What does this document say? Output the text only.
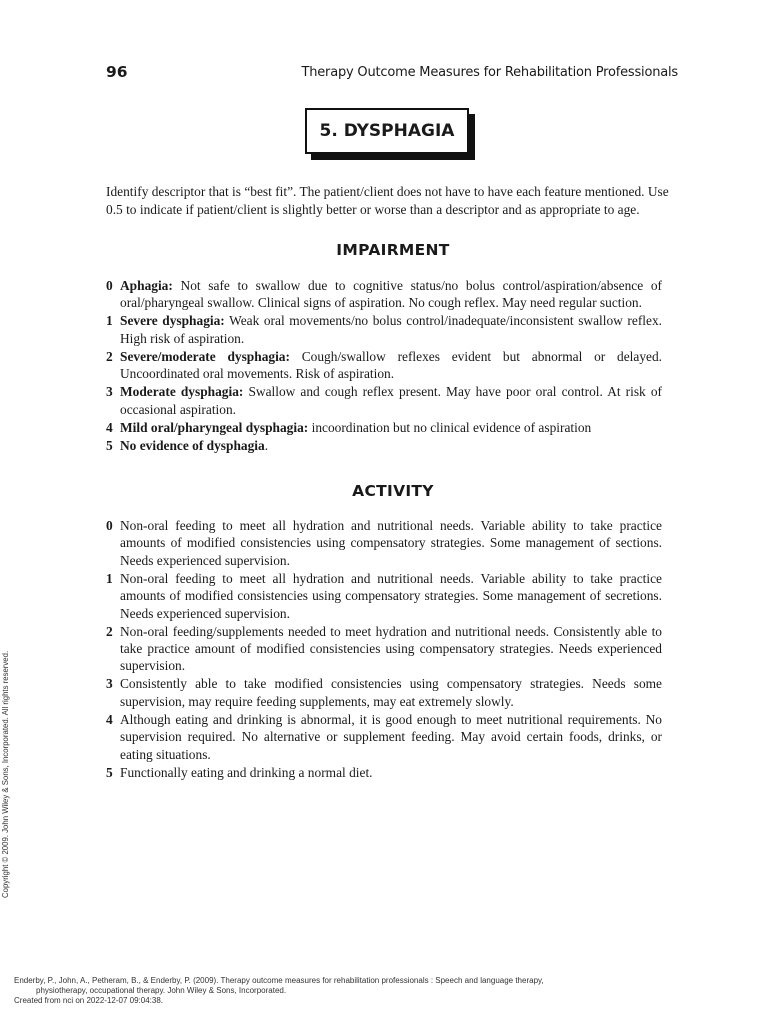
96	Therapy Outcome Measures for Rehabilitation Professionals
5. DYSPHAGIA

Identify descriptor that is “best fit”. The patient/client does not have to have each feature mentioned. Use 0.5 to indicate if patient/client is slightly better or worse than a descriptor and as appropriate to age.

IMPAIRMENT
0 Aphagia: Not safe to swallow due to cognitive status/no bolus control/aspiration/absence of oral/pharyngeal swallow. Clinical signs of aspiration. No cough reflex. May need regular suction.
1 Severe dysphagia: Weak oral movements/no bolus control/inadequate/inconsistent swallow reflex. High risk of aspiration.
2 Severe/moderate dysphagia: Cough/swallow reflexes evident but abnormal or delayed. Uncoordinated oral movements. Risk of aspiration.
3 Moderate dysphagia: Swallow and cough reflex present. May have poor oral control. At risk of occasional aspiration.
4 Mild oral/pharyngeal dysphagia: incoordination but no clinical evidence of aspiration
5 No evidence of dysphagia.
ACTIVITY
0 Non-oral feeding to meet all hydration and nutritional needs. Variable ability to take practice amounts of modified consistencies using compensatory strategies. Some management of sections. Needs experienced supervision.
1 Non-oral feeding to meet all hydration and nutritional needs. Variable ability to take practice amounts of modified consistencies using compensatory strategies. Some management of secretions. Needs experienced supervision.
2 Non-oral feeding/supplements needed to meet hydration and nutritional needs. Consistently able to take practice amount of modified consistencies using compensatory strategies. Needs experienced supervision.
3 Consistently able to take modified consistencies using compensatory strategies. Needs some supervision, may require feeding supplements, may eat extremely slowly.
4 Although eating and drinking is abnormal, it is good enough to meet nutritional requirements. No supervision required. No alternative or supplement feeding. May avoid certain foods, drinks, or eating situations.
5 Functionally eating and drinking a normal diet.
Copyright © 2009. John Wiley & Sons, Incorporated. All rights reserved.
Enderby, P., John, A., Petheram, B., & Enderby, P. (2009). Therapy outcome measures for rehabilitation professionals : Speech and language therapy,
physiotherapy, occupational therapy. John Wiley & Sons, Incorporated.
Created from nci on 2022-12-07 09:04:38.
